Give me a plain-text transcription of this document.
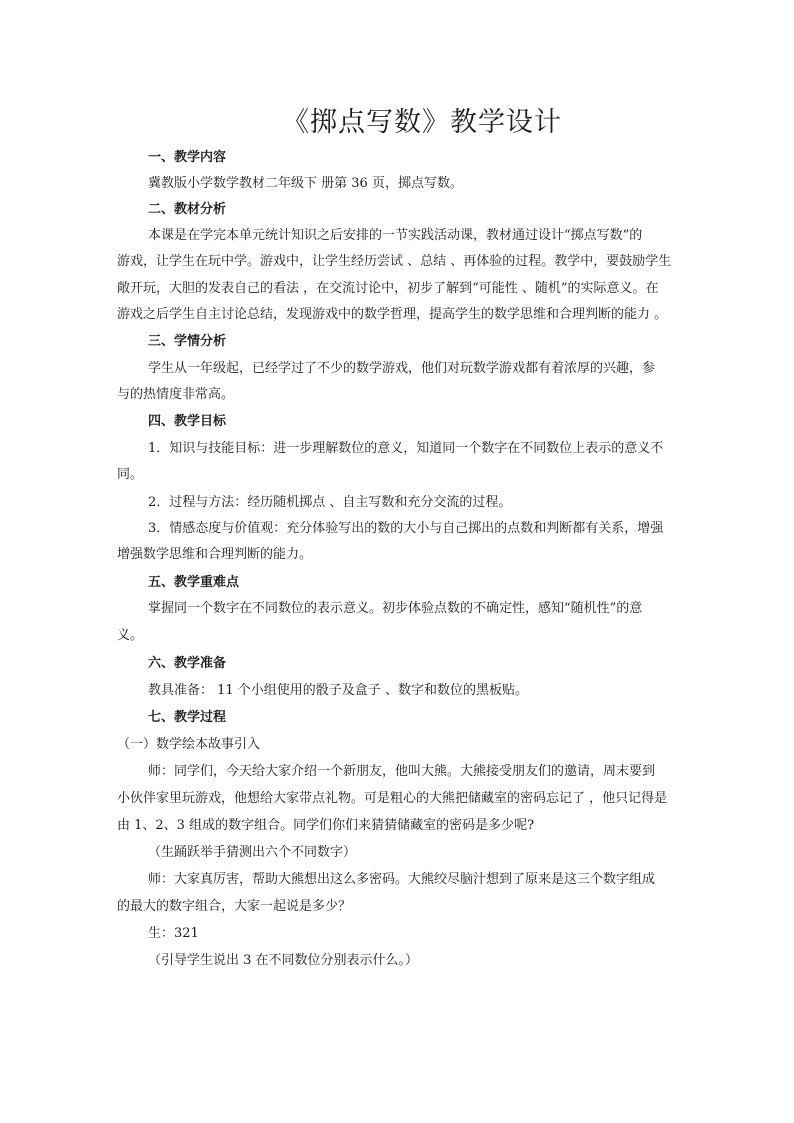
《掷点写数》教学设计
一、教学内容
冀教版小学数学教材二年级下 册第 36 页，掷点写数。
二、教材分析
本课是在学完本单元统计知识之后安排的一节实践活动课，教材通过设计“掷点写数”的
游戏，让学生在玩中学。游戏中，让学生经历尝试 、总结 、再体验的过程。教学中，要鼓励学生
敞开玩，大胆的发表自己的看法 ，在交流讨论中，初步了解到“可能性 、随机”的实际意义。在
游戏之后学生自主讨论总结，发现游戏中的数学哲理，提高学生的数学思维和合理判断的能力 。
三、学情分析
学生从一年级起，已经学过了不少的数学游戏，他们对玩数学游戏都有着浓厚的兴趣，参
与的热情度非常高。
四、教学目标
1．知识与技能目标：进一步理解数位的意义，知道同一个数字在不同数位上表示的意义不
同。
2．过程与方法：经历随机掷点 、自主写数和充分交流的过程。
3．情感态度与价值观：充分体验写出的数的大小与自己掷出的点数和判断都有关系，增强
增强数学思维和合理判断的能力。
五、教学重难点
掌握同一个数字在不同数位的表示意义。初步体验点数的不确定性，感知“随机性”的意
义。
六、教学准备
教具准备： 11 个小组使用的骰子及盒子 、数字和数位的黑板贴。
七、教学过程
（一）数学绘本故事引入
师：同学们，今天给大家介绍一个新朋友，他叫大熊。大熊接受朋友们的邀请，周末要到
小伙伴家里玩游戏，他想给大家带点礼物。可是粗心的大熊把储藏室的密码忘记了 ，他只记得是
由 1、2、3 组成的数字组合。同学们你们来猜猜储藏室的密码是多少呢?
（生踊跃举手猜测出六个不同数字）
师：大家真厉害，帮助大熊想出这么多密码。大熊绞尽脑汁想到了原来是这三个数字组成
的最大的数字组合，大家一起说是多少？
生：321
（引导学生说出 3 在不同数位分别表示什么。）
